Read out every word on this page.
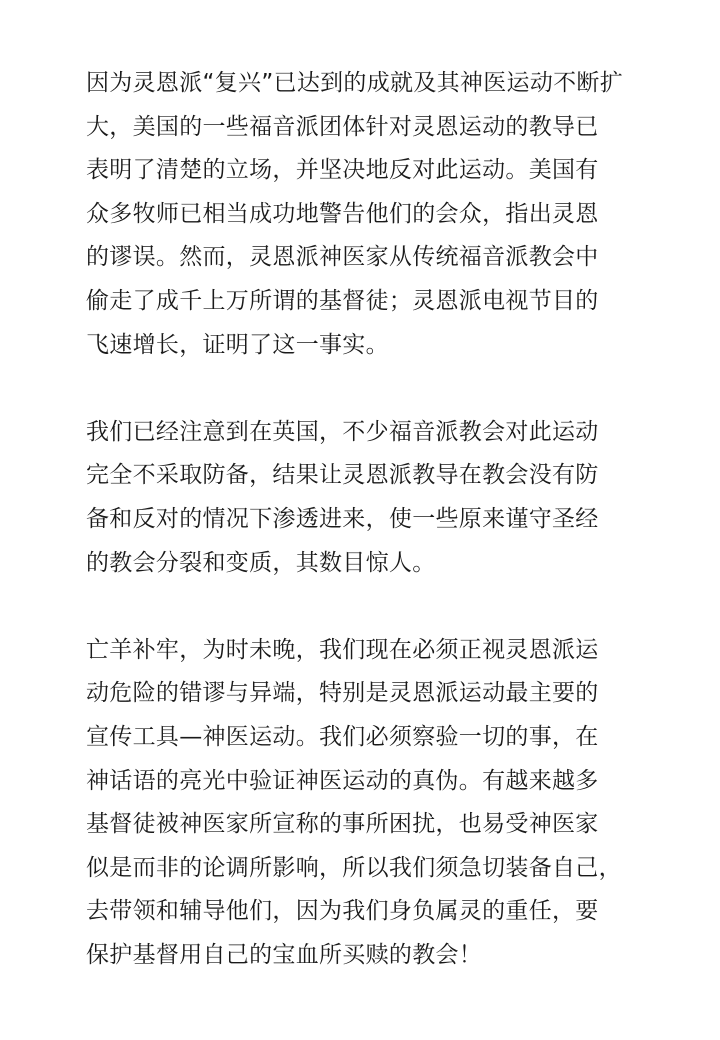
因为灵恩派“复兴”已达到的成就及其神医运动不断扩
大，美国的一些福音派团体针对灵恩运动的教导已
表明了清楚的立场，并坚决地反对此运动。美国有
众多牧师已相当成功地警告他们的会众，指出灵恩
的谬误。然而，灵恩派神医家从传统福音派教会中
偷走了成千上万所谓的基督徒；灵恩派电视节目的
飞速增长，证明了这一事实。

我们已经注意到在英国，不少福音派教会对此运动
完全不采取防备，结果让灵恩派教导在教会没有防
备和反对的情况下渗透进来，使一些原来谨守圣经
的教会分裂和变质，其数目惊人。

亡羊补牢，为时未晚，我们现在必须正视灵恩派运
动危险的错谬与异端，特别是灵恩派运动最主要的
宣传工具—神医运动。我们必须察验一切的事，在
神话语的亮光中验证神医运动的真伪。有越来越多
基督徒被神医家所宣称的事所困扰，也易受神医家
似是而非的论调所影响，所以我们须急切装备自己，
去带领和辅导他们，因为我们身负属灵的重任，要
保护基督用自己的宝血所买赎的教会！
